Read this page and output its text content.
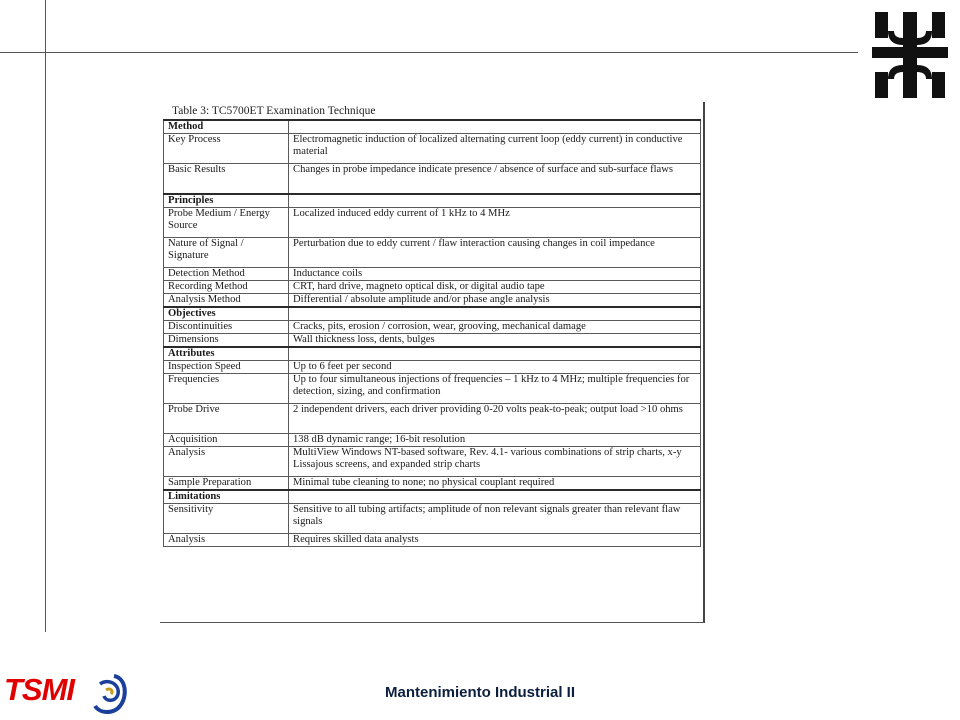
Table 3: TC5700ET Examination Technique
Method	
Key Process	Electromagnetic induction of localized alternating current loop (eddy current) in conductive material
Basic Results	Changes in probe impedance indicate presence / absence of surface and sub-surface flaws
Principles	
Probe Medium / Energy Source	Localized induced eddy current of 1 kHz to 4 MHz
Nature of Signal / Signature	Perturbation due to eddy current / flaw interaction causing changes in coil impedance
Detection Method	Inductance coils
Recording Method	CRT, hard drive, magneto optical disk, or digital audio tape
Analysis Method	Differential / absolute amplitude and/or phase angle analysis
Objectives	
Discontinuities	Cracks, pits, erosion / corrosion, wear, grooving, mechanical damage
Dimensions	Wall thickness loss, dents, bulges
Attributes	
Inspection Speed	Up to 6 feet per second
Frequencies	Up to four simultaneous injections of frequencies – 1 kHz to 4 MHz; multiple frequencies for detection, sizing, and confirmation
Probe Drive	2 independent drivers, each driver providing 0-20 volts peak-to-peak; output load >10 ohms
Acquisition	138 dB dynamic range; 16-bit resolution
Analysis	MultiView Windows NT-based software, Rev. 4.1- various combinations of strip charts, x-y Lissajous screens, and expanded strip charts
Sample Preparation	Minimal tube cleaning to none; no physical couplant required
Limitations	
Sensitivity	Sensitive to all tubing artifacts; amplitude of non relevant signals greater than relevant flaw signals
Analysis	Requires skilled data analysts
TSMI	Mantenimiento Industrial II
